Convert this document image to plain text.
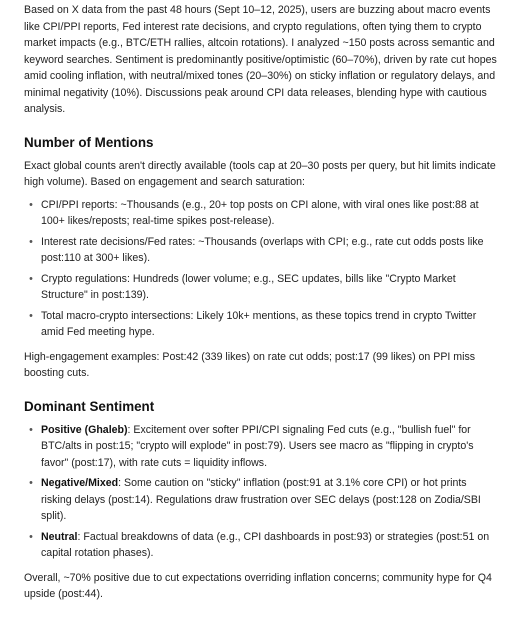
Based on X data from the past 48 hours (Sept 10–12, 2025), users are buzzing about macro events like CPI/PPI reports, Fed interest rate decisions, and crypto regulations, often tying them to crypto market impacts (e.g., BTC/ETH rallies, altcoin rotations). I analyzed ~150 posts across semantic and keyword searches. Sentiment is predominantly positive/optimistic (60–70%), driven by rate cut hopes amid cooling inflation, with neutral/mixed tones (20–30%) on sticky inflation or regulatory delays, and minimal negativity (10%). Discussions peak around CPI data releases, blending hype with cautious analysis.

Number of Mentions

Exact global counts aren't directly available (tools cap at 20–30 posts per query, but hit limits indicate high volume). Based on engagement and search saturation:

• CPI/PPI reports: ~Thousands (e.g., 20+ top posts on CPI alone, with viral ones like post:88 at 100+ likes/reposts; real-time spikes post-release).
• Interest rate decisions/Fed rates: ~Thousands (overlaps with CPI; e.g., rate cut odds posts like post:110 at 300+ likes).
• Crypto regulations: Hundreds (lower volume; e.g., SEC updates, bills like "Crypto Market Structure" in post:139).
• Total macro-crypto intersections: Likely 10k+ mentions, as these topics trend in crypto Twitter amid Fed meeting hype.

High-engagement examples: Post:42 (339 likes) on rate cut odds; post:17 (99 likes) on PPI miss boosting cuts.

Dominant Sentiment
• Positive (Ghaleb): Excitement over softer PPI/CPI signaling Fed cuts (e.g., "bullish fuel" for BTC/alts in post:15; "crypto will explode" in post:79). Users see macro as "flipping in crypto's favor" (post:17), with rate cuts = liquidity inflows.
• Negative/Mixed: Some caution on "sticky" inflation (post:91 at 3.1% core CPI) or hot prints risking delays (post:14). Regulations draw frustration over SEC delays (post:128 on Zodia/SBI split).
• Neutral: Factual breakdowns of data (e.g., CPI dashboards in post:93) or strategies (post:51 on capital rotation phases).

Overall, ~70% positive due to cut expectations overriding inflation concerns; community hype for Q4 upside (post:44).
